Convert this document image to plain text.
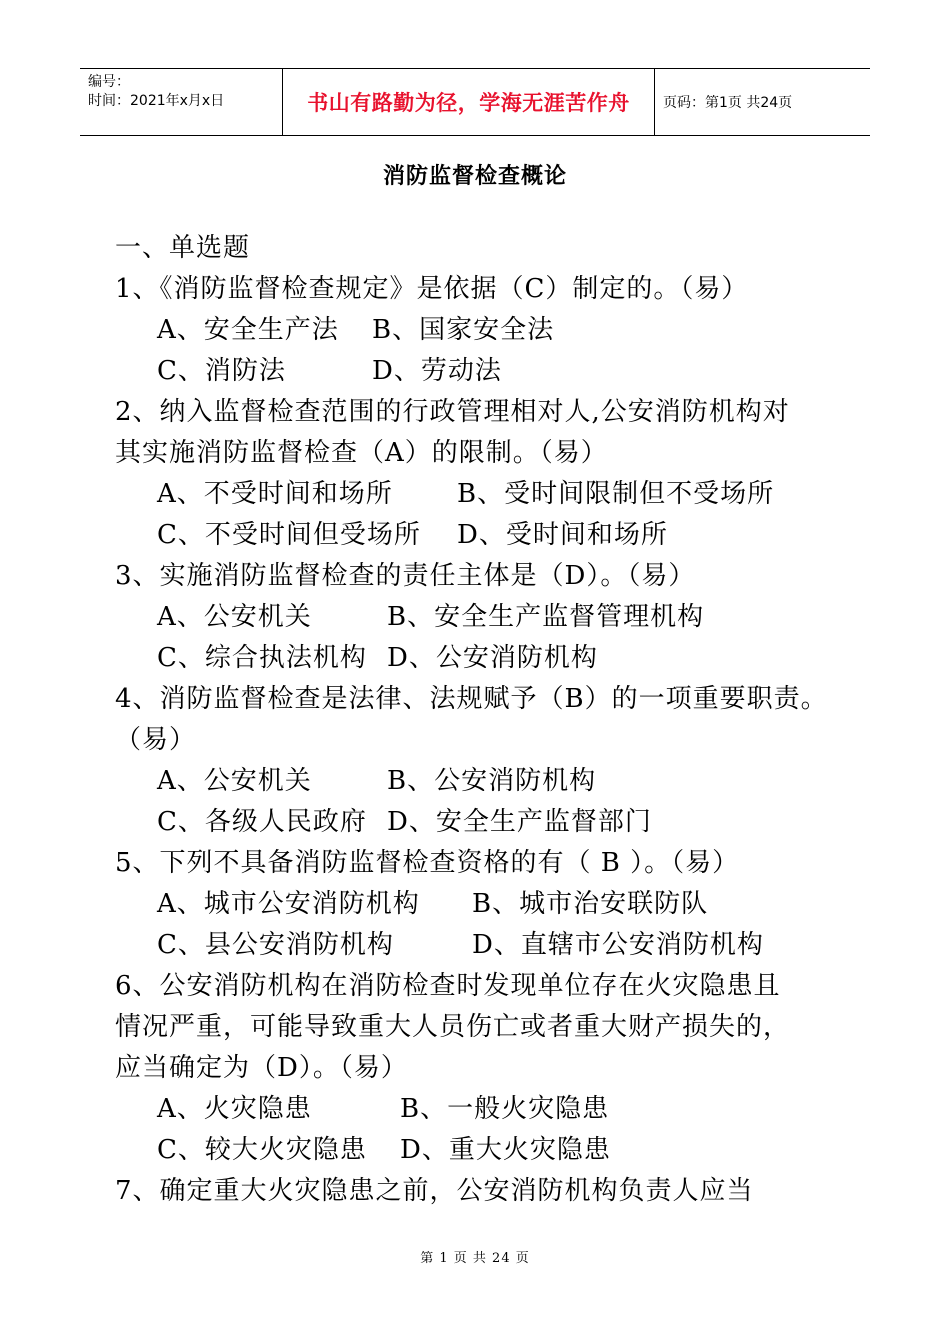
编号：
时间：2021年x月x日	书山有路勤为径，学海无涯苦作舟	页码：第1页 共24页
消防监督检查概论
一、单选题
1、《消防监督检查规定》是依据（C）制定的。（易）
A、安全生产法 B、国家安全法
C、消防法	D、劳动法
2、纳入监督检查范围的行政管理相对人,公安消防机构对
其实施消防监督检查（A）的限制。（易）
A、不受时间和场所 B、受时间限制但不受场所
C、不受时间但受场所 D、受时间和场所
3、实施消防监督检查的责任主体是（D）。（易）
A、公安机关	B、安全生产监督管理机构
C、综合执法机构 D、公安消防机构
4、消防监督检查是法律、法规赋予（B）的一项重要职责。
（易）
A、公安机关	B、公安消防机构
C、各级人民政府 D、安全生产监督部门
5、下列不具备消防监督检查资格的有（ B ）。（易）
A、城市公安消防机构 B、城市治安联防队
C、县公安消防机构	D、直辖市公安消防机构
6、公安消防机构在消防检查时发现单位存在火灾隐患且
情况严重，可能导致重大人员伤亡或者重大财产损失的，
应当确定为（D）。（易）
A、火灾隐患	B、一般火灾隐患
C、较大火灾隐患 D、重大火灾隐患
7、确定重大火灾隐患之前，公安消防机构负责人应当
第 1 页 共 24 页
